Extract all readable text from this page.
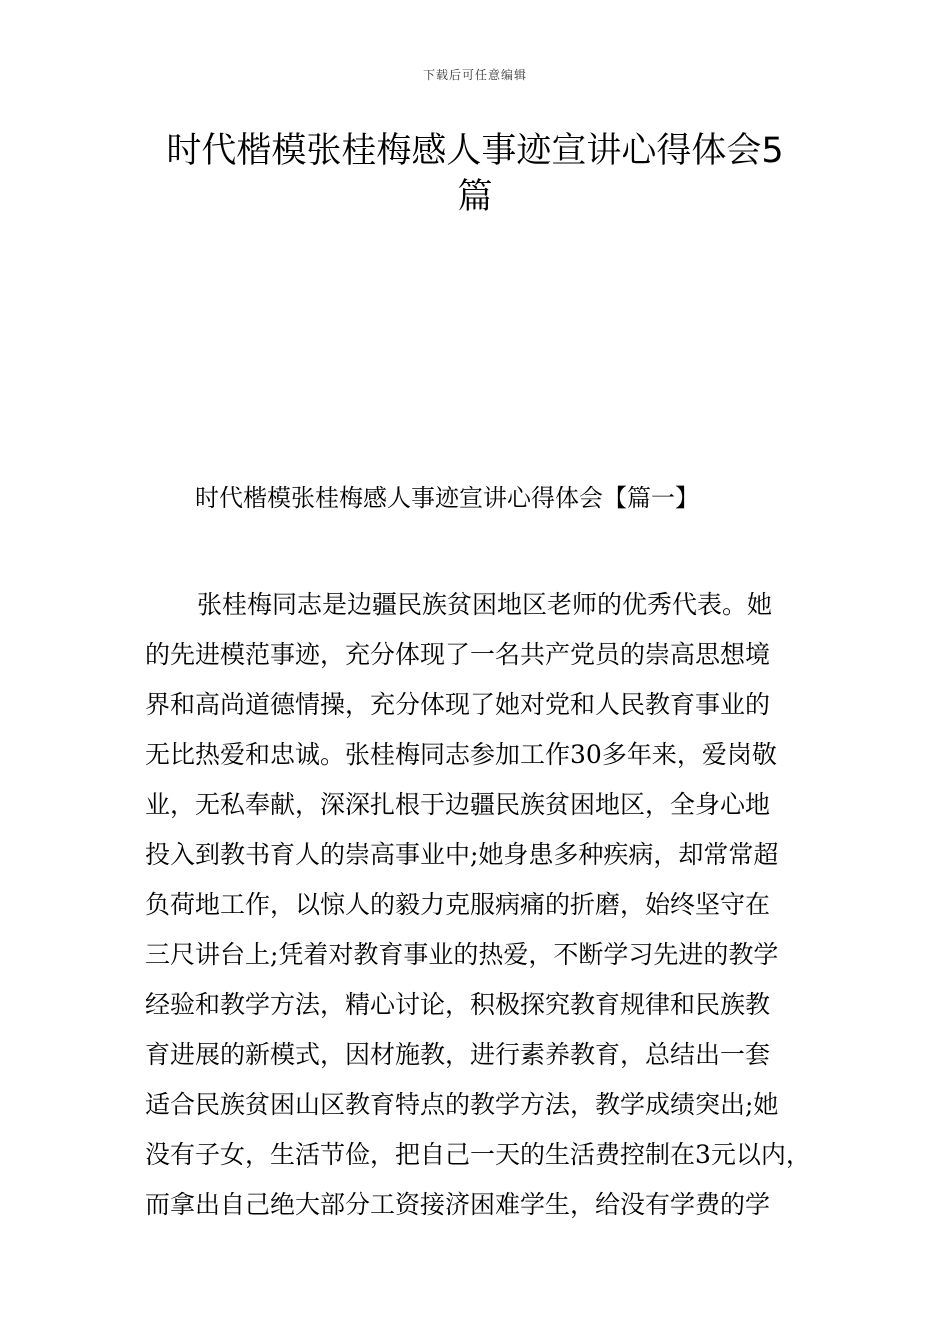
下载后可任意编辑
时代楷模张桂梅感人事迹宣讲心得体会5
篇
时代楷模张桂梅感人事迹宣讲心得体会【篇一】
张桂梅同志是边疆民族贫困地区老师的优秀代表。她
的先进模范事迹，充分体现了一名共产党员的崇高思想境
界和高尚道德情操，充分体现了她对党和人民教育事业的
无比热爱和忠诚。张桂梅同志参加工作30多年来，爱岗敬
业，无私奉献，深深扎根于边疆民族贫困地区，全身心地
投入到教书育人的崇高事业中;她身患多种疾病，却常常超
负荷地工作，以惊人的毅力克服病痛的折磨，始终坚守在
三尺讲台上;凭着对教育事业的热爱，不断学习先进的教学
经验和教学方法，精心讨论，积极探究教育规律和民族教
育进展的新模式，因材施教，进行素养教育，总结出一套
适合民族贫困山区教育特点的教学方法，教学成绩突出;她
没有子女，生活节俭，把自己一天的生活费控制在3元以内，
而拿出自己绝大部分工资接济困难学生，给没有学费的学
